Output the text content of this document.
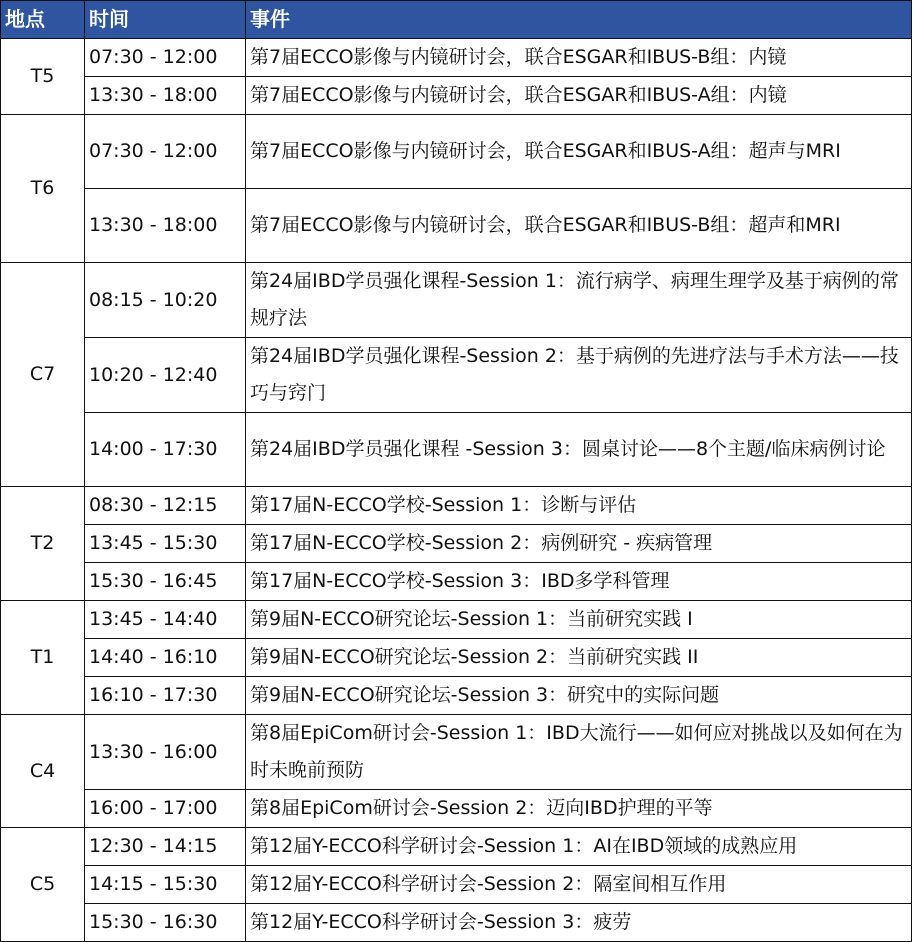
地点	时间	事件
T5	07:30 - 12:00	第7届ECCO影像与内镜研讨会，联合ESGAR和IBUS-B组：内镜
	13:30 - 18:00	第7届ECCO影像与内镜研讨会，联合ESGAR和IBUS-A组：内镜
T6	07:30 - 12:00	第7届ECCO影像与内镜研讨会，联合ESGAR和IBUS-A组：超声与MRI
	13:30 - 18:00	第7届ECCO影像与内镜研讨会，联合ESGAR和IBUS-B组：超声和MRI
C7	08:15 - 10:20	第24届IBD学员强化课程-Session 1：流行病学、病理生理学及基于病例的常规疗法
	10:20 - 12:40	第24届IBD学员强化课程-Session 2：基于病例的先进疗法与手术方法——技巧与窍门
	14:00 - 17:30	第24届IBD学员强化课程 -Session 3：圆桌讨论——8个主题/临床病例讨论
T2	08:30 - 12:15	第17届N-ECCO学校-Session 1：诊断与评估
	13:45 - 15:30	第17届N-ECCO学校-Session 2：病例研究 - 疾病管理
	15:30 - 16:45	第17届N-ECCO学校-Session 3：IBD多学科管理
T1	13:45 - 14:40	第9届N-ECCO研究论坛-Session 1：当前研究实践 I
	14:40 - 16:10	第9届N-ECCO研究论坛-Session 2：当前研究实践 II
	16:10 - 17:30	第9届N-ECCO研究论坛-Session 3：研究中的实际问题
C4	13:30 - 16:00	第8届EpiCom研讨会-Session 1：IBD大流行——如何应对挑战以及如何在为时未晚前预防
	16:00 - 17:00	第8届EpiCom研讨会-Session 2：迈向IBD护理的平等
C5	12:30 - 14:15	第12届Y-ECCO科学研讨会-Session 1：AI在IBD领域的成熟应用
	14:15 - 15:30	第12届Y-ECCO科学研讨会-Session 2：隔室间相互作用
	15:30 - 16:30	第12届Y-ECCO科学研讨会-Session 3：疲劳
